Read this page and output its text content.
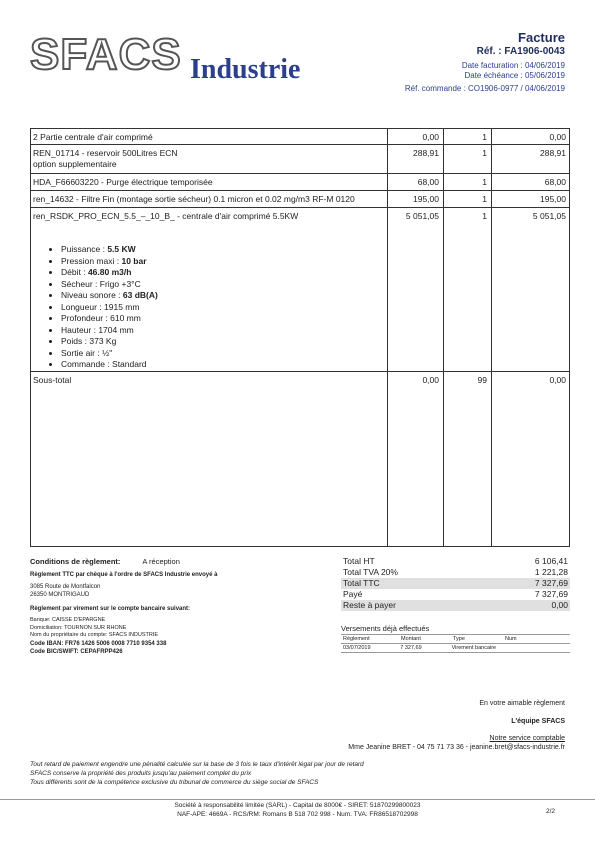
SFACS Industrie
Facture
Réf. : FA1906-0043
Date facturation : 04/06/2019
Date échéance : 05/06/2019
Réf. commande : CO1906-0977 / 04/06/2019
2 Partie centrale d'air comprimé	0,00	1	0,00
REN_01714 - reservoir 500Litres ECN
option supplementaire
288,91	1	288,91
HDA_F66603220 - Purge électrique temporisée	68,00	1	68,00
ren_14632 - Filtre Fin (montage sortie sécheur) 0.1 micron et 0.02 mg/m3 RF-M 0120	195,00	1	195,00
ren_RSDK_PRO_ECN_5.5_–_10_B_ - centrale d'air comprimé 5.5KW	5 051,05	1	5 051,05
• Puissance : 5.5 KW
• Pression maxi : 10 bar
• Débit : 46.80 m3/h
• Sécheur : Frigo +3°C
• Niveau sonore : 63 dB(A)
• Longueur : 1915 mm
• Profondeur : 610 mm
• Hauteur : 1704 mm
• Poids : 373 Kg
• Sortie air : ½"
• Commande : Standard
Sous-total	0,00	99	0,00
Conditions de règlement:	A réception
Règlement TTC par chèque à l'ordre de SFACS Industrie envoyé à
3085 Route de Montfalcon
26350 MONTRIGAUD
Règlement par virement sur le compte bancaire suivant:
Banque: CAISSE D'EPARGNE
Domiciliation: TOURNON SUR RHONE
Nom du propriétaire du compte: SFACS INDUSTRIE
Code IBAN: FR76 1426 5006 0008 7710 9354 338
Code BIC/SWIFT: CEPAFRPP426
Total HT	6 106,41
Total TVA 20%	1 221,28
Total TTC	7 327,69
Payé	7 327,69
Reste à payer	0,00
Versements déjà effectués
Règlement	Montant	Type	Num
03/07/2019	7 327,69	Virement bancaire
En votre aimable règlement
L'équipe SFACS
Notre service comptable
Mme Jeanine BRET - 04 75 71 73 36 - jeanine.bret@sfacs-industrie.fr
Tout retard de paiement engendre une pénalité calculée sur la base de 3 fois le taux d'intérêt légal par jour de retard
SFACS conserve la propriété des produits jusqu'au paiement complet du prix
Tous différents sont de la compétence exclusive du tribunal de commerce du siège social de SFACS
Société à responsabilité limitée (SARL) - Capital de 8000€ - SIRET: 51870299800023
NAF-APE: 4669A - RCS/RM: Romans B 518 702 998 - Num. TVA: FR86518702998	2/2
